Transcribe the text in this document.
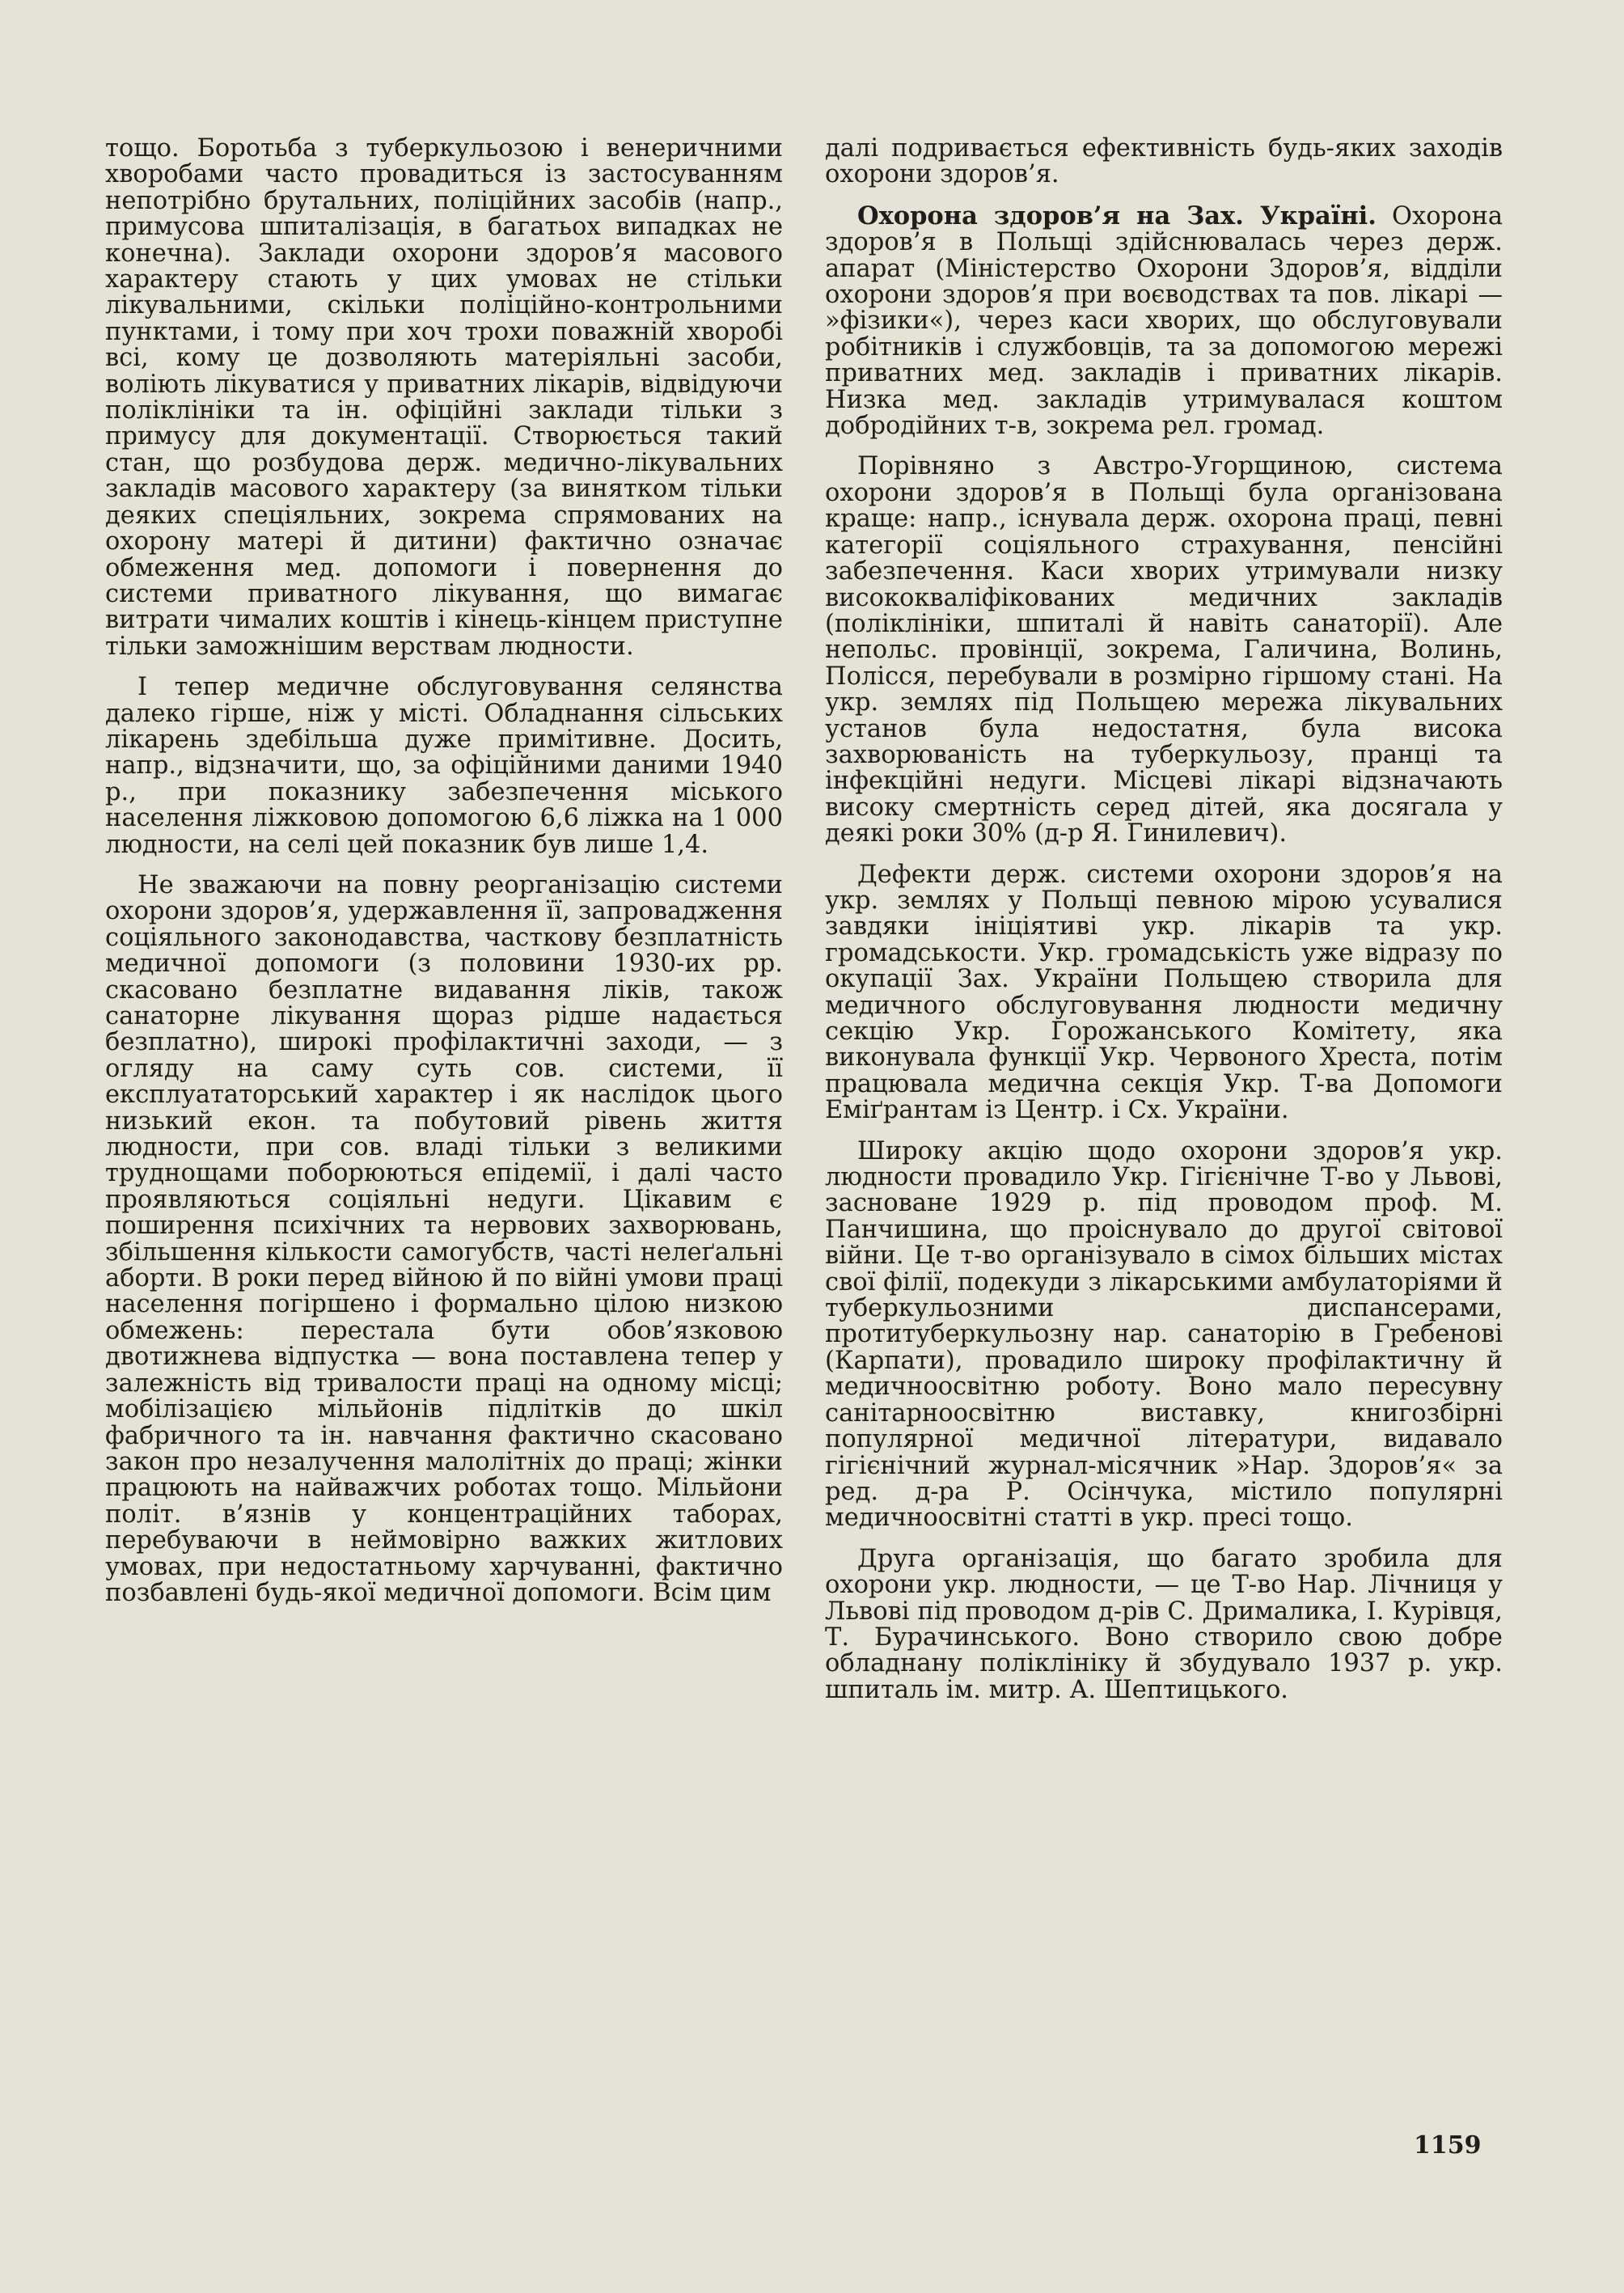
тощо. Боротьба з туберкульозою і венеричними хворобами часто провадиться із застосуванням непотрібно брутальних, поліційних засобів (напр., примусова шпиталізація, в багатьох випадках не конечна). Заклади охорони здоров’я масового характеру стають у цих умовах не стільки лікувальними, скільки поліційно-контрольними пунктами, і тому при хоч трохи поважній хворобі всі, кому це дозволяють матеріяльні засоби, воліють лікуватися у приватних лікарів, відвідуючи поліклініки та ін. офіційні заклади тільки з примусу для документації. Створюється такий стан, що розбудова держ. медично-лікувальних закладів масового характеру (за винятком тільки деяких спеціяльних, зокрема спрямованих на охорону матері й дитини) фактично означає обмеження мед. допомоги і повернення до системи приватного лікування, що вимагає витрати чималих коштів і кінець-кінцем приступне тільки заможнішим верствам людности.

І тепер медичне обслуговування селянства далеко гірше, ніж у місті. Обладнання сільських лікарень здебільша дуже примітивне. Досить, напр., відзначити, що, за офіційними даними 1940 р., при показнику забезпечення міського населення ліжковою допомогою 6,6 ліжка на 1 000 людности, на селі цей показник був лише 1,4.

Не зважаючи на повну реорганізацію системи охорони здоров’я, удержавлення її, запровадження соціяльного законодавства, часткову безплатність медичної допомоги (з половини 1930-их рр. скасовано безплатне видавання ліків, також санаторне лікування щораз рідше надається безплатно), широкі профілактичні заходи, — з огляду на саму суть сов. системи, її експлуататорський характер і як наслідок цього низький екон. та побутовий рівень життя людности, при сов. владі тільки з великими труднощами поборюються епідемії, і далі часто проявляються соціяльні недуги. Цікавим є поширення психічних та нервових захворювань, збільшення кількости самогубств, часті нелеґальні аборти. В роки перед війною й по війні умови праці населення погіршено і формально цілою низкою обмежень: перестала бути обов’язковою двотижнева відпустка — вона поставлена тепер у залежність від тривалости праці на одному місці; мобілізацією мільйонів підлітків до шкіл фабричного та ін. навчання фактично скасовано закон про незалучення малолітніх до праці; жінки працюють на найважчих роботах тощо. Мільйони політ. в’язнів у концентраційних таборах, перебуваючи в неймовірно важких житлових умовах, при недостатньому харчуванні, фактично позбавлені будь-якої медичної допомоги. Всім цим

далі подривається ефективність будь-яких заходів охорони здоров’я.

Охорона здоров’я на Зах. Україні. Охорона здоров’я в Польщі здійснювалась через держ. апарат (Міністерство Охорони Здоров’я, відділи охорони здоров’я при воєводствах та пов. лікарі — »фізики«), через каси хворих, що обслуговували робітників і службовців, та за допомогою мережі приватних мед. закладів і приватних лікарів. Низка мед. закладів утримувалася коштом добродійних т-в, зокрема рел. громад.

Порівняно з Австро-Угорщиною, система охорони здоров’я в Польщі була організована краще: напр., існувала держ. охорона праці, певні категорії соціяльного страхування, пенсійні забезпечення. Каси хворих утримували низку висококваліфікованих медичних закладів (поліклініки, шпиталі й навіть санаторії). Але непольс. провінції, зокрема, Галичина, Волинь, Полісся, перебували в розмірно гіршому стані. На укр. землях під Польщею мережа лікувальних установ була недостатня, була висока захворюваність на туберкульозу, пранці та інфекційні недуги. Місцеві лікарі відзначають високу смертність серед дітей, яка досягала у деякі роки 30% (д-р Я. Гинилевич).

Дефекти держ. системи охорони здоров’я на укр. землях у Польщі певною мірою усувалися завдяки ініціятиві укр. лікарів та укр. громадськости. Укр. громадськість уже відразу по окупації Зах. України Польщею створила для медичного обслуговування людности медичну секцію Укр. Горожанського Комітету, яка виконувала функції Укр. Червоного Хреста, потім працювала медична секція Укр. Т-ва Допомоги Еміґрантам із Центр. і Сх. України.

Широку акцію щодо охорони здоров’я укр. людности провадило Укр. Гігієнічне Т-во у Львові, засноване 1929 р. під проводом проф. М. Панчишина, що проіснувало до другої світової війни. Це т-во організувало в сімох більших містах свої філії, подекуди з лікарськими амбулаторіями й туберкульозними диспансерами, протитуберкульозну нар. санаторію в Гребенові (Карпати), провадило широку профілактичну й медичноосвітню роботу. Воно мало пересувну санітарноосвітню виставку, книгозбірні популярної медичної літератури, видавало гігієнічний журнал-місячник »Нар. Здоров’я« за ред. д-ра Р. Осінчука, містило популярні медичноосвітні статті в укр. пресі тощо.

Друга організація, що багато зробила для охорони укр. людности, — це Т-во Нар. Лічниця у Львові під проводом д-рів С. Дрималика, І. Курівця, Т. Бурачинського. Воно створило свою добре обладнану поліклініку й збудувало 1937 р. укр. шпиталь ім. митр. А. Шептицького.

1159
